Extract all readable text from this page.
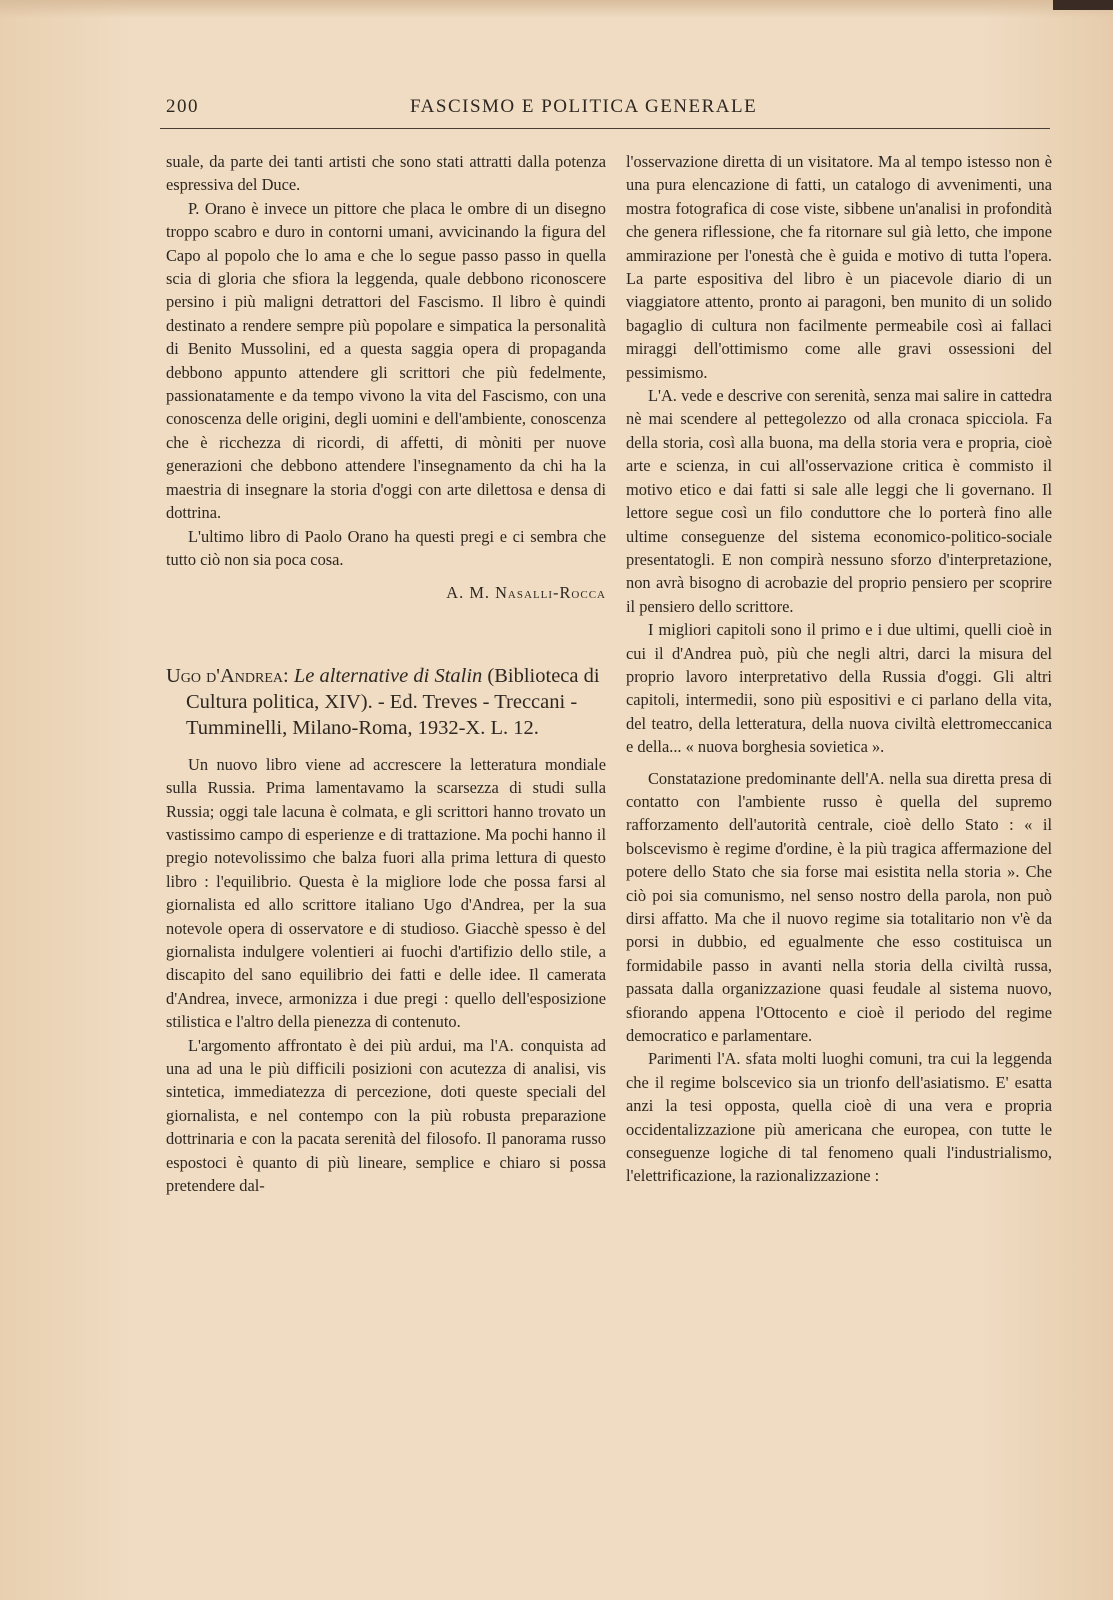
200	FASCISMO E POLITICA GENERALE

suale, da parte dei tanti artisti che sono stati attratti dalla potenza espressiva del Duce.

P. Orano è invece un pittore che placa le ombre di un disegno troppo scabro e duro in contorni umani, avvicinando la figura del Capo al popolo che lo ama e che lo segue passo passo in quella scia di gloria che sfiora la leggenda, quale debbono riconoscere persino i più maligni detrattori del Fascismo. Il libro è quindi destinato a rendere sempre più popolare e simpatica la personalità di Benito Mussolini, ed a questa saggia opera di propaganda debbono appunto attendere gli scrittori che più fedelmente, passionatamente e da tempo vivono la vita del Fascismo, con una conoscenza delle origini, degli uomini e dell'ambiente, conoscenza che è ricchezza di ricordi, di affetti, di mòniti per nuove generazioni che debbono attendere l'insegnamento da chi ha la maestria di insegnare la storia d'oggi con arte dilettosa e densa di dottrina.

L'ultimo libro di Paolo Orano ha questi pregi e ci sembra che tutto ciò non sia poca cosa.

A. M. Nasalli-Rocca
Ugo d'Andrea: Le alternative di Stalin (Biblioteca di Cultura politica, XIV). - Ed. Treves - Treccani - Tumminelli, Milano-Roma, 1932-X. L. 12.

Un nuovo libro viene ad accrescere la letteratura mondiale sulla Russia. Prima lamentavamo la scarsezza di studi sulla Russia; oggi tale lacuna è colmata, e gli scrittori hanno trovato un vastissimo campo di esperienze e di trattazione. Ma pochi hanno il pregio notevolissimo che balza fuori alla prima lettura di questo libro : l'equilibrio. Questa è la migliore lode che possa farsi al giornalista ed allo scrittore italiano Ugo d'Andrea, per la sua notevole opera di osservatore e di studioso. Giacchè spesso è del giornalista indulgere volentieri ai fuochi d'artifizio dello stile, a discapito del sano equilibrio dei fatti e delle idee. Il camerata d'Andrea, invece, armonizza i due pregi : quello dell'esposizione stilistica e l'altro della pienezza di contenuto.

L'argomento affrontato è dei più ardui, ma l'A. conquista ad una ad una le più difficili posizioni con acutezza di analisi, vis sintetica, immediatezza di percezione, doti queste speciali del giornalista, e nel contempo con la più robusta preparazione dottrinaria e con la pacata serenità del filosofo. Il panorama russo espostoci è quanto di più lineare, semplice e chiaro si possa pretendere dal-

l'osservazione diretta di un visitatore. Ma al tempo istesso non è una pura elencazione di fatti, un catalogo di avvenimenti, una mostra fotografica di cose viste, sibbene un'analisi in profondità che genera riflessione, che fa ritornare sul già letto, che impone ammirazione per l'onestà che è guida e motivo di tutta l'opera. La parte espositiva del libro è un piacevole diario di un viaggiatore attento, pronto ai paragoni, ben munito di un solido bagaglio di cultura non facilmente permeabile così ai fallaci miraggi dell'ottimismo come alle gravi ossessioni del pessimismo.

L'A. vede e descrive con serenità, senza mai salire in cattedra nè mai scendere al pettegolezzo od alla cronaca spicciola. Fa della storia, così alla buona, ma della storia vera e propria, cioè arte e scienza, in cui all'osservazione critica è commisto il motivo etico e dai fatti si sale alle leggi che li governano. Il lettore segue così un filo conduttore che lo porterà fino alle ultime conseguenze del sistema economico-politico-sociale presentatogli. E non compirà nessuno sforzo d'interpretazione, non avrà bisogno di acrobazie del proprio pensiero per scoprire il pensiero dello scrittore.

I migliori capitoli sono il primo e i due ultimi, quelli cioè in cui il d'Andrea può, più che negli altri, darci la misura del proprio lavoro interpretativo della Russia d'oggi. Gli altri capitoli, intermedii, sono più espositivi e ci parlano della vita, del teatro, della letteratura, della nuova civiltà elettromeccanica e della... « nuova borghesia sovietica ».

Constatazione predominante dell'A. nella sua diretta presa di contatto con l'ambiente russo è quella del supremo rafforzamento dell'autorità centrale, cioè dello Stato : « il bolscevismo è regime d'ordine, è la più tragica affermazione del potere dello Stato che sia forse mai esistita nella storia ». Che ciò poi sia comunismo, nel senso nostro della parola, non può dirsi affatto. Ma che il nuovo regime sia totalitario non v'è da porsi in dubbio, ed egualmente che esso costituisca un formidabile passo in avanti nella storia della civiltà russa, passata dalla organizzazione quasi feudale al sistema nuovo, sfiorando appena l'Ottocento e cioè il periodo del regime democratico e parlamentare.

Parimenti l'A. sfata molti luoghi comuni, tra cui la leggenda che il regime bolscevico sia un trionfo dell'asiatismo. E' esatta anzi la tesi opposta, quella cioè di una vera e propria occidentalizzazione più americana che europea, con tutte le conseguenze logiche di tal fenomeno quali l'industrialismo, l'elettrificazione, la razionalizzazione :
